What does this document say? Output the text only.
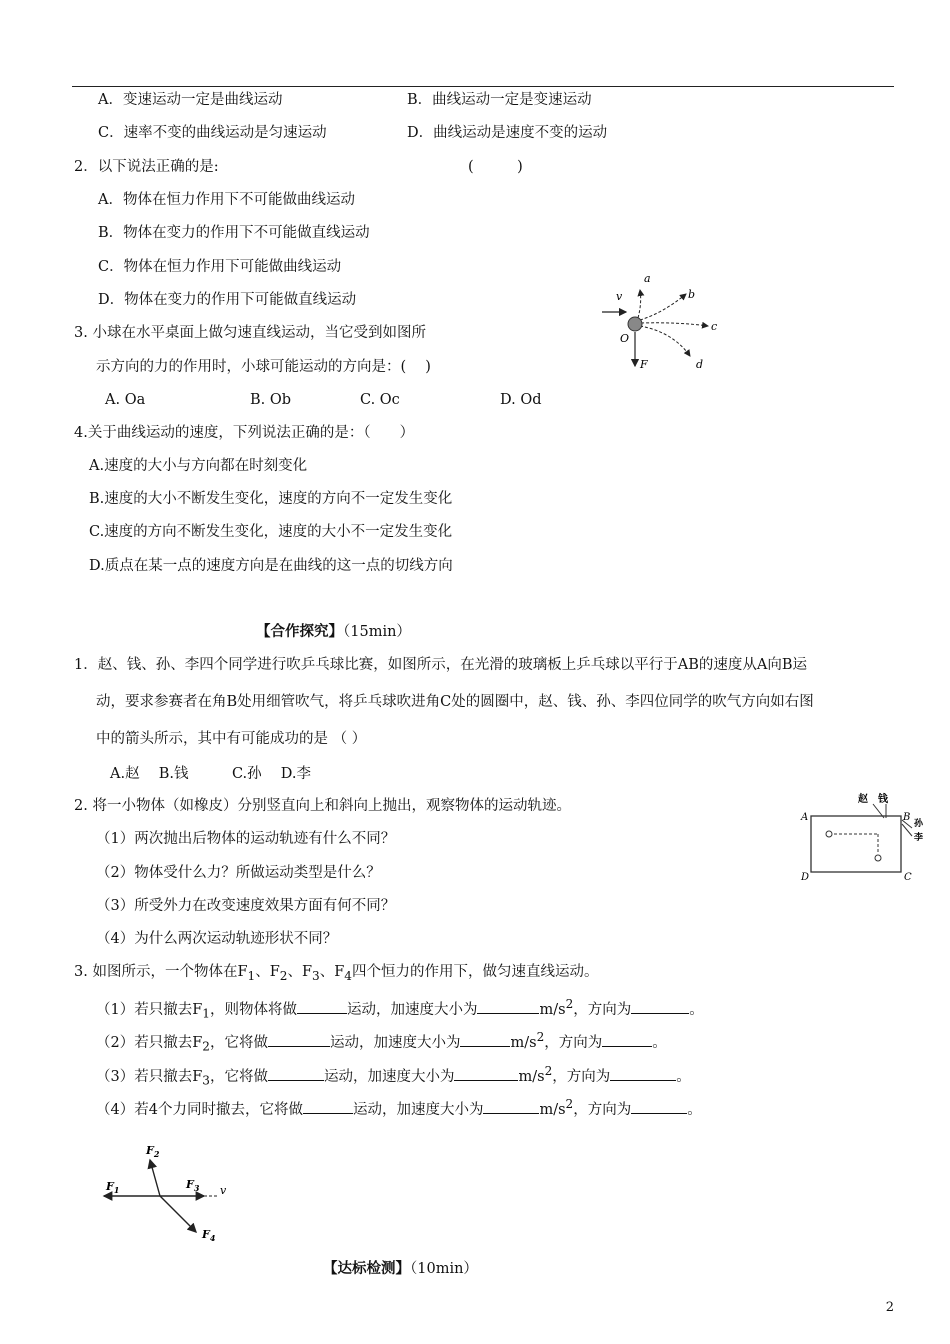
A．变速运动一定是曲线运动	B．曲线运动一定是变速运动
C．速率不变的曲线运动是匀速运动	D．曲线运动是速度不变的运动
2．以下说法正确的是:	(　　　)
A．物体在恒力作用下不可能做曲线运动
B．物体在变力的作用下不可能做直线运动
C．物体在恒力作用下可能做曲线运动
D．物体在变力的作用下可能做直线运动
3. 小球在水平桌面上做匀速直线运动，当它受到如图所
示方向的力的作用时，小球可能运动的方向是：(　 )
A. Oa	B. Ob	C. Oc	D. Od
v
a
b
c
d
O
F
4.关于曲线运动的速度，下列说法正确的是：（　　）
A.速度的大小与方向都在时刻变化
B.速度的大小不断发生变化，速度的方向不一定发生变化
C.速度的方向不断发生变化，速度的大小不一定发生变化
D.质点在某一点的速度方向是在曲线的这一点的切线方向
【合作探究】（15min）
1．赵、钱、孙、李四个同学进行吹乒乓球比赛，如图所示，在光滑的玻璃板上乒乓球以平行于AB的速度从A向B运
动，要求参赛者在角B处用细管吹气，将乒乓球吹进角C处的圆圈中，赵、钱、孙、李四位同学的吹气方向如右图
中的箭头所示，其中有可能成功的是 （ ）
A.赵　 B.钱　　　C.孙　 D.李
赵 钱
孙
李
A	B
C
D
2. 将一小物体（如橡皮）分别竖直向上和斜向上抛出，观察物体的运动轨迹。
（1）两次抛出后物体的运动轨迹有什么不同？
（2）物体受什么力？所做运动类型是什么？
（3）所受外力在改变速度效果方面有何不同？
（4）为什么两次运动轨迹形状不同？
3. 如图所示，一个物体在$F_1$、$F_2$、$F_3$、$F_4$四个恒力的作用下，做匀速直线运动。
（1）若只撤去$F_1$，则物体将做	运动，加速度大小为	$m/s^2$，方向为	。
（2）若只撤去$F_2$，它将做	运动，加速度大小为	$m/s^2$，方向为	。
（3）若只撤去$F_3$，它将做	运动，加速度大小为	$m/s^2$，方向为	。
（4）若4个力同时撤去，它将做	运动，加速度大小为	$m/s^2$，方向为	。
$F_1$
$F_2$
$F_3$ v
$F_4$
【达标检测】（10min）
2
